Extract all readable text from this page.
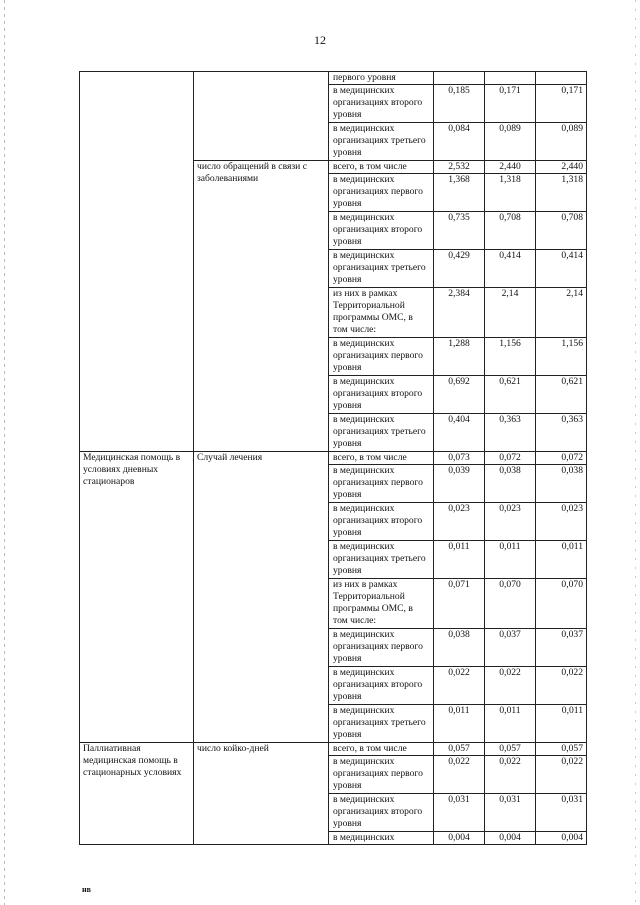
12
		первого уровня			
		в медицинских организациях второго уровня	0,185	0,171	0,171
		в медицинских организациях третьего уровня	0,084	0,089	0,089
	число обращений в связи с заболеваниями	всего, в том числе	2,532	2,440	2,440
		в медицинских организациях первого уровня	1,368	1,318	1,318
		в медицинских организациях второго уровня	0,735	0,708	0,708
		в медицинских организациях третьего уровня	0,429	0,414	0,414
		из них в рамках Территориальной программы ОМС, в том числе:	2,384	2,14	2,14
		в медицинских организациях первого уровня	1,288	1,156	1,156
		в медицинских организациях второго уровня	0,692	0,621	0,621
		в медицинских организациях третьего уровня	0,404	0,363	0,363
Медицинская помощь в условиях дневных стационаров	Случай лечения	всего, в том числе	0,073	0,072	0,072
		в медицинских организациях первого уровня	0,039	0,038	0,038
		в медицинских организациях второго уровня	0,023	0,023	0,023
		в медицинских организациях третьего уровня	0,011	0,011	0,011
		из них в рамках Территориальной программы ОМС, в том числе:	0,071	0,070	0,070
		в медицинских организациях первого уровня	0,038	0,037	0,037
		в медицинских организациях второго уровня	0,022	0,022	0,022
		в медицинских организациях третьего уровня	0,011	0,011	0,011
Паллиативная медицинская помощь в стационарных условиях	число койко-дней	всего, в том числе	0,057	0,057	0,057
		в медицинских организациях первого уровня	0,022	0,022	0,022
		в медицинских организациях второго уровня	0,031	0,031	0,031
		в медицинских	0,004	0,004	0,004
нв
